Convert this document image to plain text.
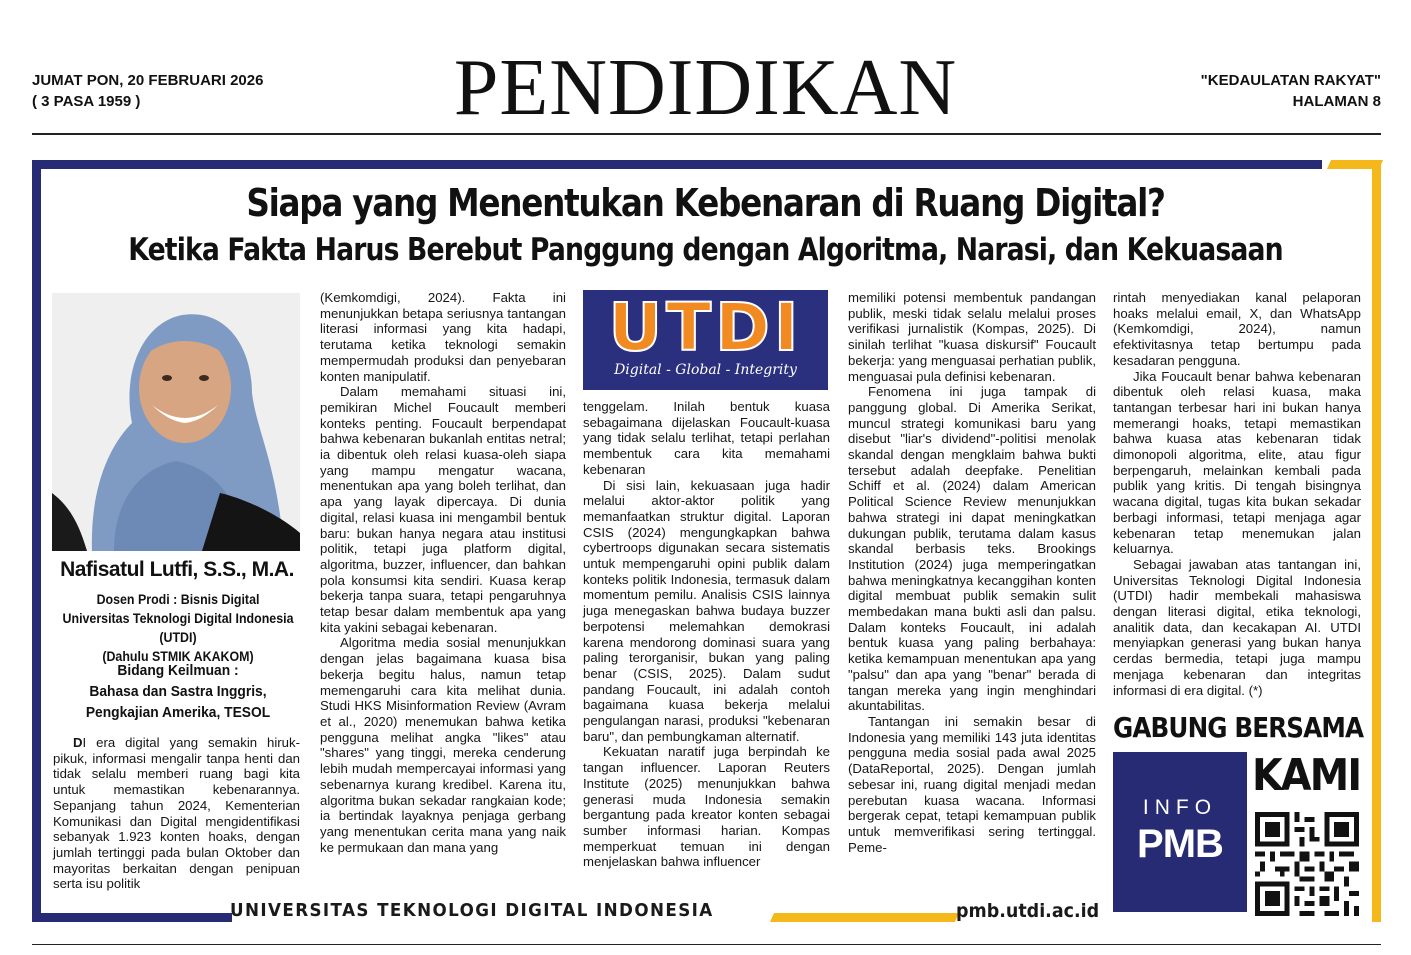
JUMAT PON, 20 FEBRUARI 2026
( 3 PASA 1959 )	PENDIDIKAN	"KEDAULATAN RAKYAT"
HALAMAN 8
Siapa yang Menentukan Kebenaran di Ruang Digital?
Ketika Fakta Harus Berebut Panggung dengan Algoritma, Narasi, dan Kekuasaan
Nafisatul Lutfi, S.S., M.A.
Dosen Prodi : Bisnis Digital
Universitas Teknologi Digital Indonesia (UTDI)
(Dahulu STMIK AKAKOM)
Bidang Keilmuan :
Bahasa dan Sastra Inggris,
Pengkajian Amerika, TESOL

DI era digital yang semakin hiruk-pikuk, informasi mengalir tanpa henti dan tidak selalu memberi ruang bagi kita untuk memastikan kebenarannya. Sepanjang tahun 2024, Kementerian Komunikasi dan Digital mengidentifikasi sebanyak 1.923 konten hoaks, dengan jumlah tertinggi pada bulan Oktober dan mayoritas berkaitan dengan penipuan serta isu politik

(Kemkomdigi, 2024). Fakta ini menunjukkan betapa seriusnya tantangan literasi informasi yang kita hadapi, terutama ketika teknologi semakin mempermudah produksi dan penyebaran konten manipulatif.

Dalam memahami situasi ini, pemikiran Michel Foucault memberi konteks penting. Foucault berpendapat bahwa kebenaran bukanlah entitas netral; ia dibentuk oleh relasi kuasa-oleh siapa yang mampu mengatur wacana, menentukan apa yang boleh terlihat, dan apa yang layak dipercaya. Di dunia digital, relasi kuasa ini mengambil bentuk baru: bukan hanya negara atau institusi politik, tetapi juga platform digital, algoritma, buzzer, influencer, dan bahkan pola konsumsi kita sendiri. Kuasa kerap bekerja tanpa suara, tetapi pengaruhnya tetap besar dalam membentuk apa yang kita yakini sebagai kebenaran.

Algoritma media sosial menunjukkan dengan jelas bagaimana kuasa bisa bekerja begitu halus, namun tetap memengaruhi cara kita melihat dunia. Studi HKS Misinformation Review (Avram et al., 2020) menemukan bahwa ketika pengguna melihat angka "likes" atau "shares" yang tinggi, mereka cenderung lebih mudah mempercayai informasi yang sebenarnya kurang kredibel. Karena itu, algoritma bukan sekadar rangkaian kode; ia bertindak layaknya penjaga gerbang yang menentukan cerita mana yang naik ke permukaan dan mana yang

UTDI
Digital - Global - Integrity

tenggelam. Inilah bentuk kuasa sebagaimana dijelaskan Foucault-kuasa yang tidak selalu terlihat, tetapi perlahan membentuk cara kita memahami kebenaran

Di sisi lain, kekuasaan juga hadir melalui aktor-aktor politik yang memanfaatkan struktur digital. Laporan CSIS (2024) mengungkapkan bahwa cybertroops digunakan secara sistematis untuk mempengaruhi opini publik dalam konteks politik Indonesia, termasuk dalam momentum pemilu. Analisis CSIS lainnya juga menegaskan bahwa budaya buzzer berpotensi melemahkan demokrasi karena mendorong dominasi suara yang paling terorganisir, bukan yang paling benar (CSIS, 2025). Dalam sudut pandang Foucault, ini adalah contoh bagaimana kuasa bekerja melalui pengulangan narasi, produksi "kebenaran baru", dan pembungkaman alternatif.

Kekuatan naratif juga berpindah ke tangan influencer. Laporan Reuters Institute (2025) menunjukkan bahwa generasi muda Indonesia semakin bergantung pada kreator konten sebagai sumber informasi harian. Kompas memperkuat temuan ini dengan menjelaskan bahwa influencer

memiliki potensi membentuk pandangan publik, meski tidak selalu melalui proses verifikasi jurnalistik (Kompas, 2025). Di sinilah terlihat "kuasa diskursif" Foucault bekerja: yang menguasai perhatian publik, menguasai pula definisi kebenaran.

Fenomena ini juga tampak di panggung global. Di Amerika Serikat, muncul strategi komunikasi baru yang disebut "liar's dividend"-politisi menolak skandal dengan mengklaim bahwa bukti tersebut adalah deepfake. Penelitian Schiff et al. (2024) dalam American Political Science Review menunjukkan bahwa strategi ini dapat meningkatkan dukungan publik, terutama dalam kasus skandal berbasis teks. Brookings Institution (2024) juga memperingatkan bahwa meningkatnya kecanggihan konten digital membuat publik semakin sulit membedakan mana bukti asli dan palsu. Dalam konteks Foucault, ini adalah bentuk kuasa yang paling berbahaya: ketika kemampuan menentukan apa yang "palsu" dan apa yang "benar" berada di tangan mereka yang ingin menghindari akuntabilitas.

Tantangan ini semakin besar di Indonesia yang memiliki 143 juta identitas pengguna media sosial pada awal 2025 (DataReportal, 2025). Dengan jumlah sebesar ini, ruang digital menjadi medan perebutan kuasa wacana. Informasi bergerak cepat, tetapi kemampuan publik untuk memverifikasi sering tertinggal. Peme-

rintah menyediakan kanal pelaporan hoaks melalui email, X, dan WhatsApp (Kemkomdigi, 2024), namun efektivitasnya tetap bertumpu pada kesadaran pengguna.

Jika Foucault benar bahwa kebenaran dibentuk oleh relasi kuasa, maka tantangan terbesar hari ini bukan hanya memerangi hoaks, tetapi memastikan bahwa kuasa atas kebenaran tidak dimonopoli algoritma, elite, atau figur berpengaruh, melainkan kembali pada publik yang kritis. Di tengah bisingnya wacana digital, tugas kita bukan sekadar berbagi informasi, tetapi menjaga agar kebenaran tetap menemukan jalan keluarnya.

Sebagai jawaban atas tantangan ini, Universitas Teknologi Digital Indonesia (UTDI) hadir membekali mahasiswa dengan literasi digital, etika teknologi, analitik data, dan kecakapan AI. UTDI menyiapkan generasi yang bukan hanya cerdas bermedia, tetapi juga mampu menjaga kebenaran dan integritas informasi di era digital. (*)

GABUNG BERSAMA
KAMI
INFO
PMB
UNIVERSITAS TEKNOLOGI DIGITAL INDONESIA	pmb.utdi.ac.id
